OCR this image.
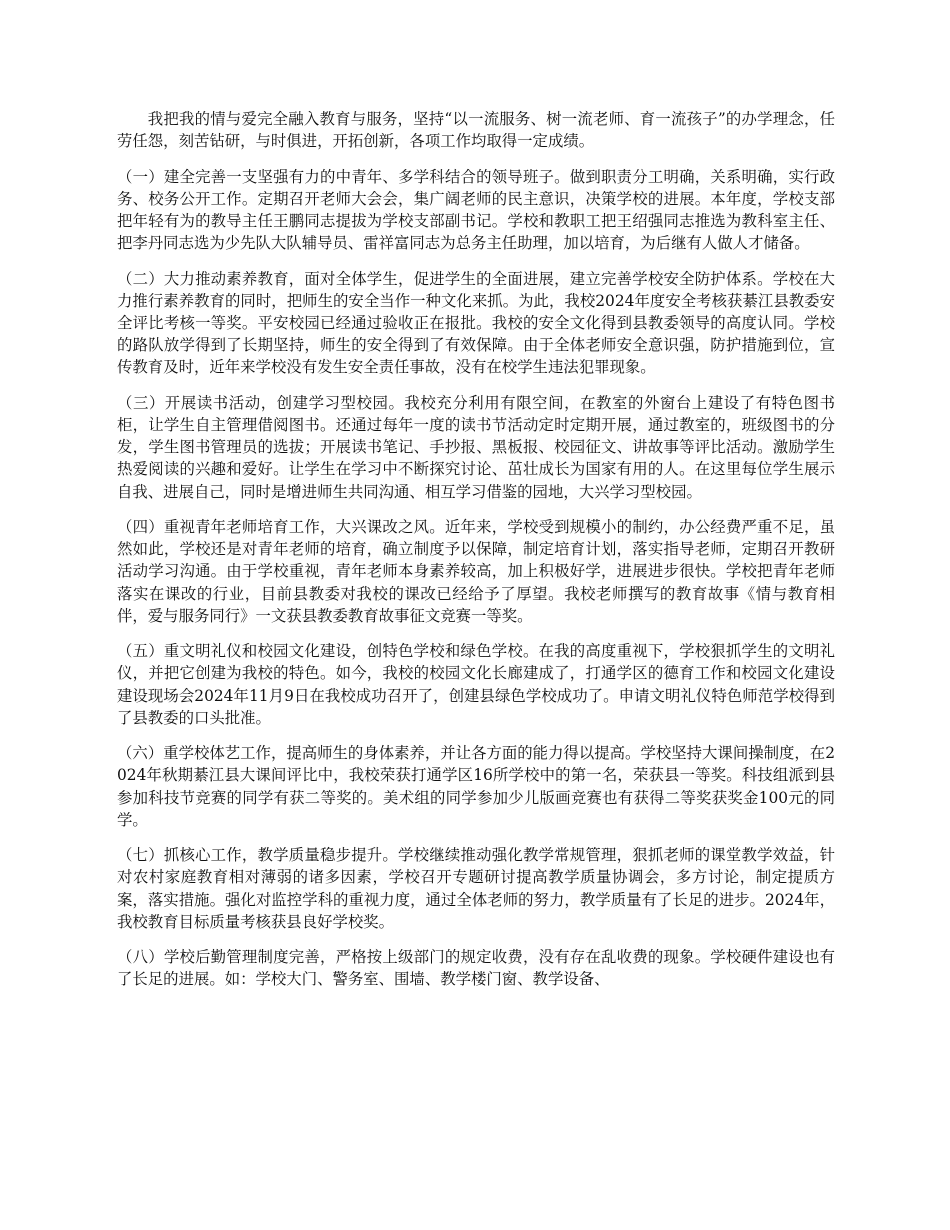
我把我的情与爱完全融入教育与服务，坚持“以一流服务、树一流老师、育一流孩子”的办学理念，任劳任怨，刻苦钻研，与时俱进，开拓创新，各项工作均取得一定成绩。

（一）建全完善一支坚强有力的中青年、多学科结合的领导班子。做到职责分工明确，关系明确，实行政务、校务公开工作。定期召开老师大会会，集广阔老师的民主意识，决策学校的进展。本年度，学校支部把年轻有为的教导主任王鹏同志提拔为学校支部副书记。学校和教职工把王绍强同志推选为教科室主任、把李丹同志选为少先队大队辅导员、雷祥富同志为总务主任助理，加以培育，为后继有人做人才储备。

（二）大力推动素养教育，面对全体学生，促进学生的全面进展，建立完善学校安全防护体系。学校在大力推行素养教育的同时，把师生的安全当作一种文化来抓。为此，我校2024年度安全考核获綦江县教委安全评比考核一等奖。平安校园已经通过验收正在报批。我校的安全文化得到县教委领导的高度认同。学校的路队放学得到了长期坚持，师生的安全得到了有效保障。由于全体老师安全意识强，防护措施到位，宣传教育及时，近年来学校没有发生安全责任事故，没有在校学生违法犯罪现象。

（三）开展读书活动，创建学习型校园。我校充分利用有限空间，在教室的外窗台上建设了有特色图书柜，让学生自主管理借阅图书。还通过每年一度的读书节活动定时定期开展，通过教室的，班级图书的分发，学生图书管理员的选拔；开展读书笔记、手抄报、黑板报、校园征文、讲故事等评比活动。激励学生热爱阅读的兴趣和爱好。让学生在学习中不断探究讨论、茁壮成长为国家有用的人。在这里每位学生展示自我、进展自己，同时是增进师生共同沟通、相互学习借鉴的园地，大兴学习型校园。

（四）重视青年老师培育工作，大兴课改之风。近年来，学校受到规模小的制约，办公经费严重不足，虽然如此，学校还是对青年老师的培育，确立制度予以保障，制定培育计划，落实指导老师，定期召开教研活动学习沟通。由于学校重视，青年老师本身素养较高，加上积极好学，进展进步很快。学校把青年老师落实在课改的行业，目前县教委对我校的课改已经给予了厚望。我校老师撰写的教育故事《情与教育相伴，爱与服务同行》一文获县教委教育故事征文竞赛一等奖。

（五）重文明礼仪和校园文化建设，创特色学校和绿色学校。在我的高度重视下，学校狠抓学生的文明礼仪，并把它创建为我校的特色。如今，我校的校园文化长廊建成了，打通学区的德育工作和校园文化建设建设现场会2024年11月9日在我校成功召开了，创建县绿色学校成功了。申请文明礼仪特色师范学校得到了县教委的口头批准。

（六）重学校体艺工作，提高师生的身体素养，并让各方面的能力得以提高。学校坚持大课间操制度，在2024年秋期綦江县大课间评比中，我校荣获打通学区16所学校中的第一名，荣获县一等奖。科技组派到县参加科技节竞赛的同学有获二等奖的。美术组的同学参加少儿版画竞赛也有获得二等奖获奖金100元的同学。

（七）抓核心工作，教学质量稳步提升。学校继续推动强化教学常规管理，狠抓老师的课堂教学效益，针对农村家庭教育相对薄弱的诸多因素，学校召开专题研讨提高教学质量协调会，多方讨论，制定提质方案，落实措施。强化对监控学科的重视力度，通过全体老师的努力，教学质量有了长足的进步。2024年，我校教育目标质量考核获县良好学校奖。

（八）学校后勤管理制度完善，严格按上级部门的规定收费，没有存在乱收费的现象。学校硬件建设也有了长足的进展。如：学校大门、警务室、围墙、教学楼门窗、教学设备、
